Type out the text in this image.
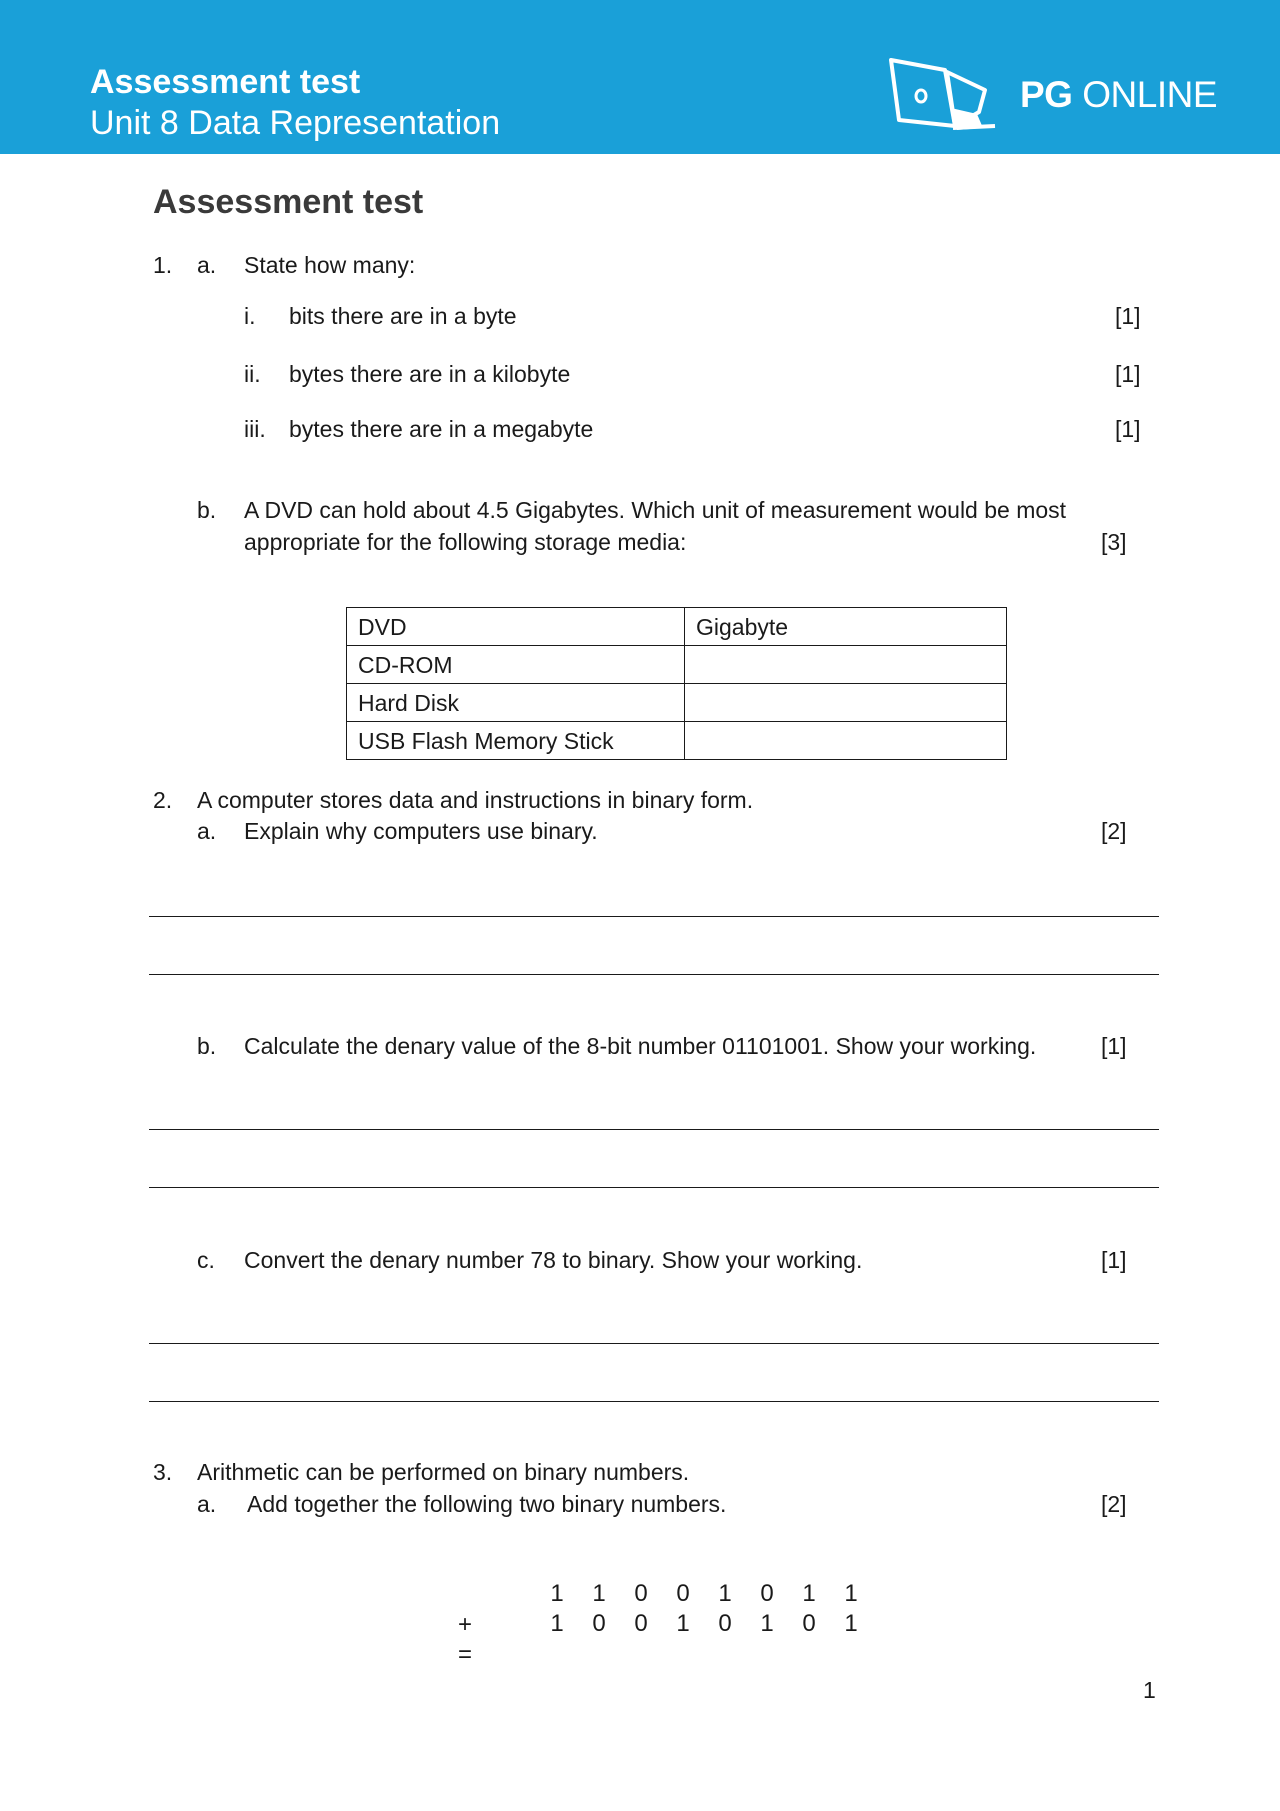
Assessment test
Unit 8 Data Representation
PG ONLINE
Assessment test
1. a. State how many:
i. bits there are in a byte	[1]
ii. bytes there are in a kilobyte	[1]
iii. bytes there are in a megabyte	[1]
b. A DVD can hold about 4.5 Gigabytes. Which unit of measurement would be most
appropriate for the following storage media:	[3]
DVD	Gigabyte
CD-ROM	
Hard Disk	
USB Flash Memory Stick	
2. A computer stores data and instructions in binary form.
a. Explain why computers use binary.	[2]
b. Calculate the denary value of the 8-bit number 01101001. Show your working.	[1]
c. Convert the denary number 78 to binary. Show your working.	[1]
3. Arithmetic can be performed on binary numbers.
a. Add together the following two binary numbers.	[2]
1 1 0 0 1 0 1 1
+	1 0 0 1 0 1 0 1
=
1
